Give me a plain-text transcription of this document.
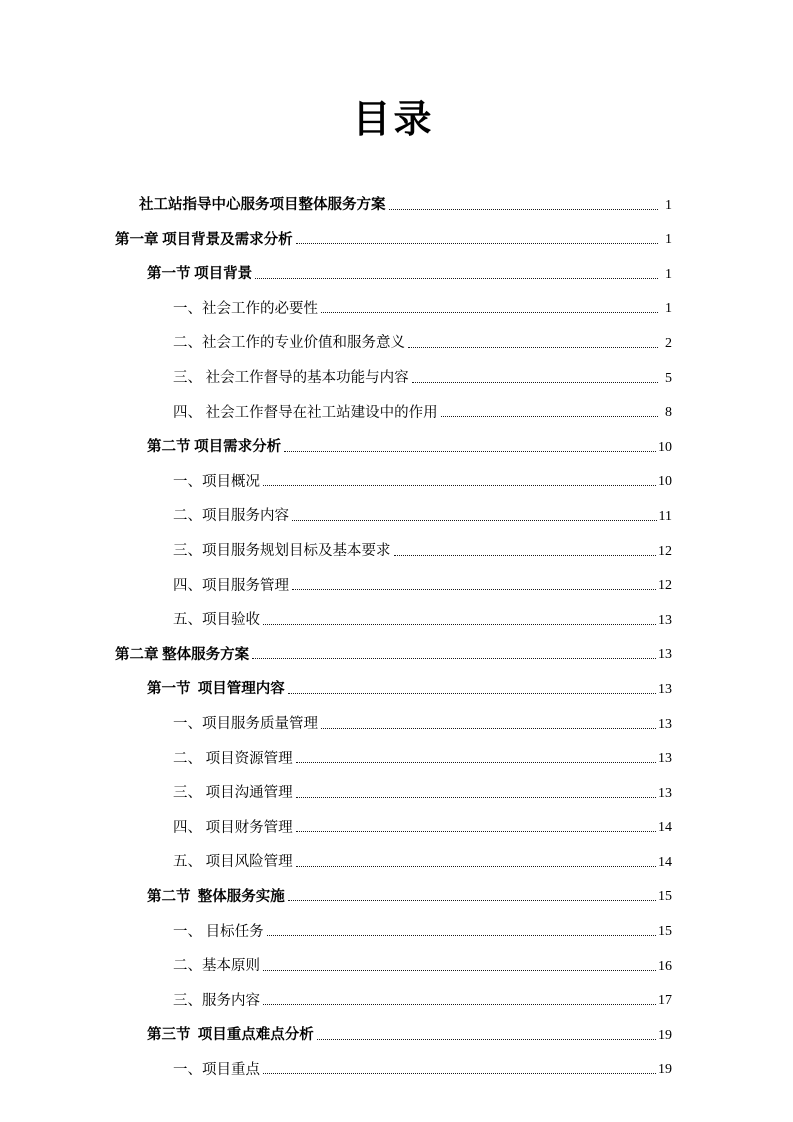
目录
社工站指导中心服务项目整体服务方案	1
第一章 项目背景及需求分析	1
第一节 项目背景	1
一、社会工作的必要性	1
二、社会工作的专业价值和服务意义	2
三、 社会工作督导的基本功能与内容	5
四、 社会工作督导在社工站建设中的作用	8
第二节 项目需求分析	10
一、项目概况	10
二、项目服务内容	11
三、项目服务规划目标及基本要求	12
四、项目服务管理	12
五、项目验收	13
第二章 整体服务方案	13
第一节  项目管理内容	13
一、项目服务质量管理	13
二、 项目资源管理	13
三、 项目沟通管理	13
四、 项目财务管理	14
五、 项目风险管理	14
第二节  整体服务实施	15
一、 目标任务	15
二、基本原则	16
三、服务内容	17
第三节  项目重点难点分析	19
一、项目重点	19
